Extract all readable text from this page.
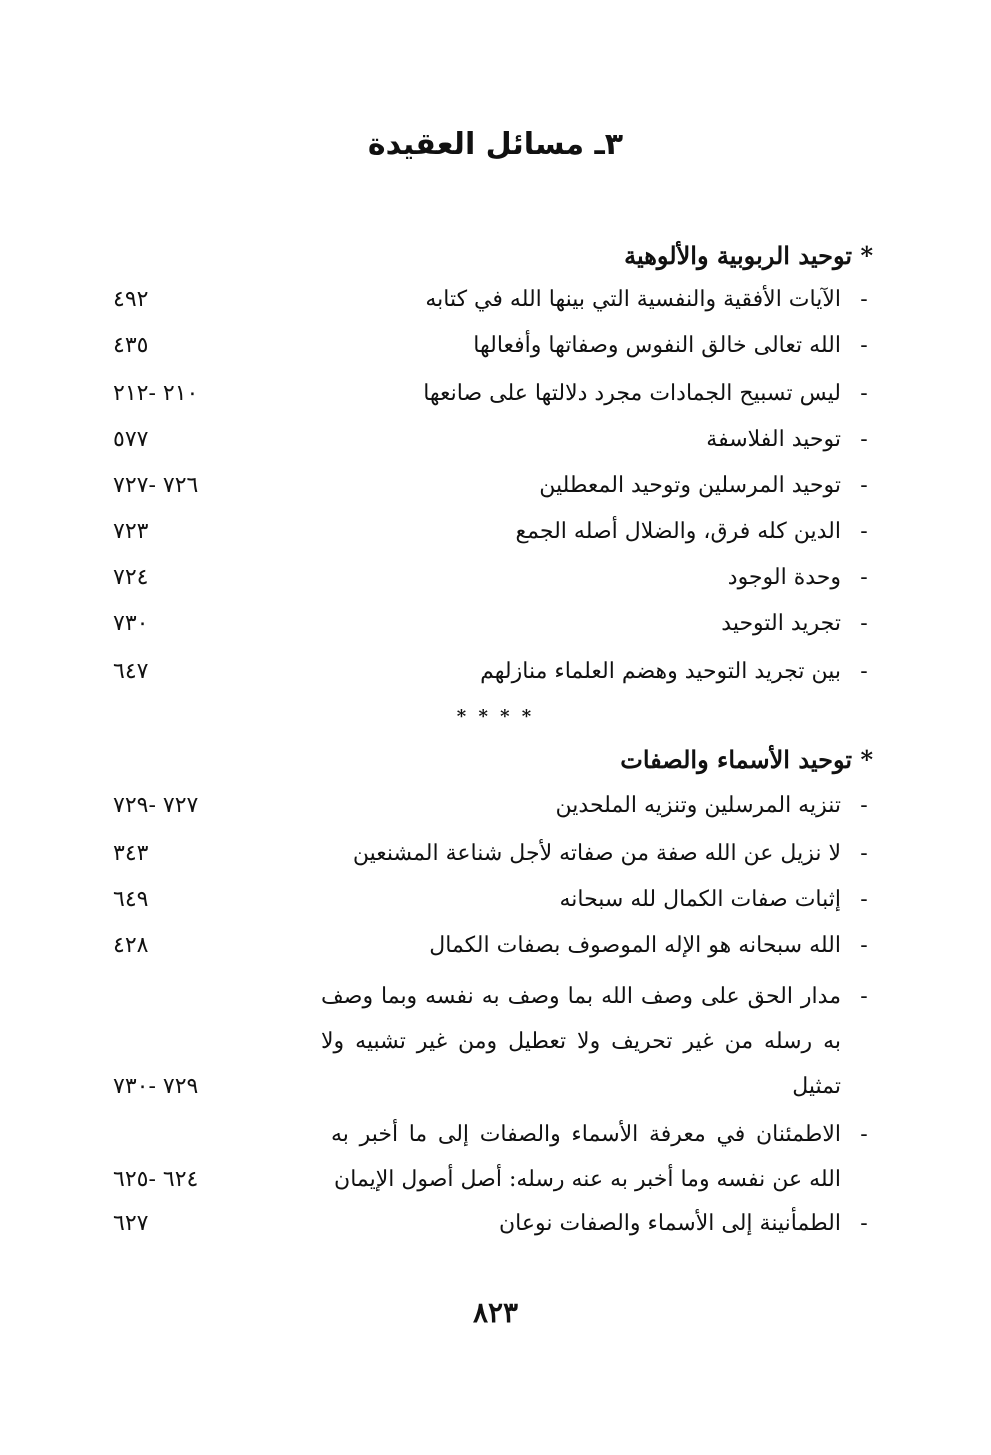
٣ـ مسائل العقيدة
* توحيد الربوبية والألوهية
-
الآيات الأفقية والنفسية التي بينها الله في كتابه
٤٩٢
-
الله تعالى خالق النفوس وصفاتها وأفعالها
٤٣٥
-
ليس تسبيح الجمادات مجرد دلالتها على صانعها
٢١٠ -٢١٢
-
توحيد الفلاسفة
٥٧٧
-
توحيد المرسلين وتوحيد المعطلين
٧٢٦ -٧٢٧
-
الدين كله فرق، والضلال أصله الجمع
٧٢٣
-
وحدة الوجود
٧٢٤
-
تجريد التوحيد
٧٣٠
-
بين تجريد التوحيد وهضم العلماء منازلهم
٦٤٧
* * * *
* توحيد الأسماء والصفات
-
تنزيه المرسلين وتنزيه الملحدين
٧٢٧ -٧٢٩
-
لا نزيل عن الله صفة من صفاته لأجل شناعة المشنعين
٣٤٣
-
إثبات صفات الكمال لله سبحانه
٦٤٩
-
الله سبحانه هو الإله الموصوف بصفات الكمال
٤٢٨
-
مدار الحق على وصف الله بما وصف به نفسه وبما وصف به رسله من غير تحريف ولا تعطيل ومن غير تشبيه ولا تمثيل
٧٢٩ -٧٣٠
-
الاطمئنان في معرفة الأسماء والصفات إلى ما أخبر به الله عن نفسه وما أخبر به عنه رسله: أصل أصول الإيمان
٦٢٤ -٦٢٥
-
الطمأنينة إلى الأسماء والصفات نوعان
٦٢٧
٨٢٣
